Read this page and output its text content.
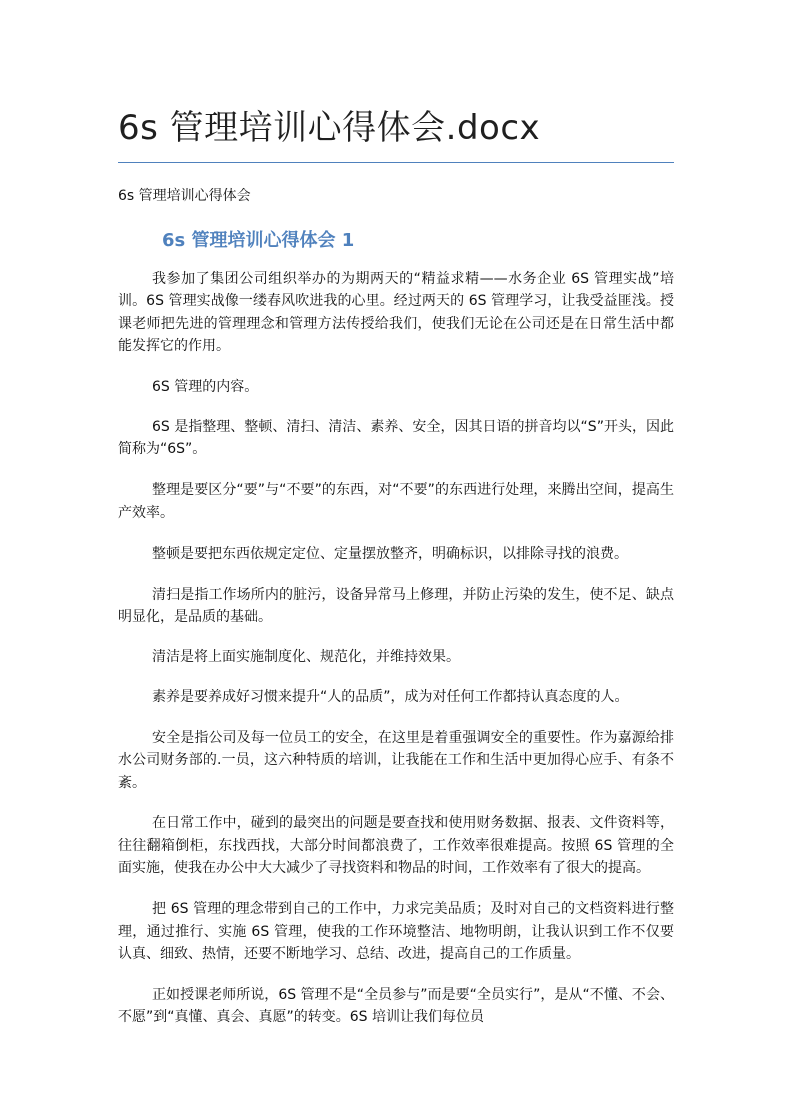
6s 管理培训心得体会.docx
6s 管理培训心得体会
6s 管理培训心得体会 1

我参加了集团公司组织举办的为期两天的“精益求精——水务企业 6S 管理实战”培训。6S 管理实战像一缕春风吹进我的心里。经过两天的 6S 管理学习，让我受益匪浅。授课老师把先进的管理理念和管理方法传授给我们，使我们无论在公司还是在日常生活中都能发挥它的作用。

6S 管理的内容。

6S 是指整理、整顿、清扫、清洁、素养、安全，因其日语的拼音均以“S”开头，因此简称为“6S”。

整理是要区分“要”与“不要”的东西，对“不要”的东西进行处理，来腾出空间，提高生产效率。

整顿是要把东西依规定定位、定量摆放整齐，明确标识，以排除寻找的浪费。

清扫是指工作场所内的脏污，设备异常马上修理，并防止污染的发生，使不足、缺点明显化，是品质的基础。

清洁是将上面实施制度化、规范化，并维持效果。

素养是要养成好习惯来提升“人的品质”，成为对任何工作都持认真态度的人。

安全是指公司及每一位员工的安全，在这里是着重强调安全的重要性。作为嘉源给排水公司财务部的.一员，这六种特质的培训，让我能在工作和生活中更加得心应手、有条不紊。

在日常工作中，碰到的最突出的问题是要查找和使用财务数据、报表、文件资料等，往往翻箱倒柜，东找西找，大部分时间都浪费了，工作效率很难提高。按照 6S 管理的全面实施，使我在办公中大大减少了寻找资料和物品的时间，工作效率有了很大的提高。

把 6S 管理的理念带到自己的工作中，力求完美品质；及时对自己的文档资料进行整理，通过推行、实施 6S 管理，使我的工作环境整洁、地物明朗，让我认识到工作不仅要认真、细致、热情，还要不断地学习、总结、改进，提高自己的工作质量。

正如授课老师所说，6S 管理不是“全员参与”而是要“全员实行”，是从“不懂、不会、不愿”到“真懂、真会、真愿”的转变。6S 培训让我们每位员
